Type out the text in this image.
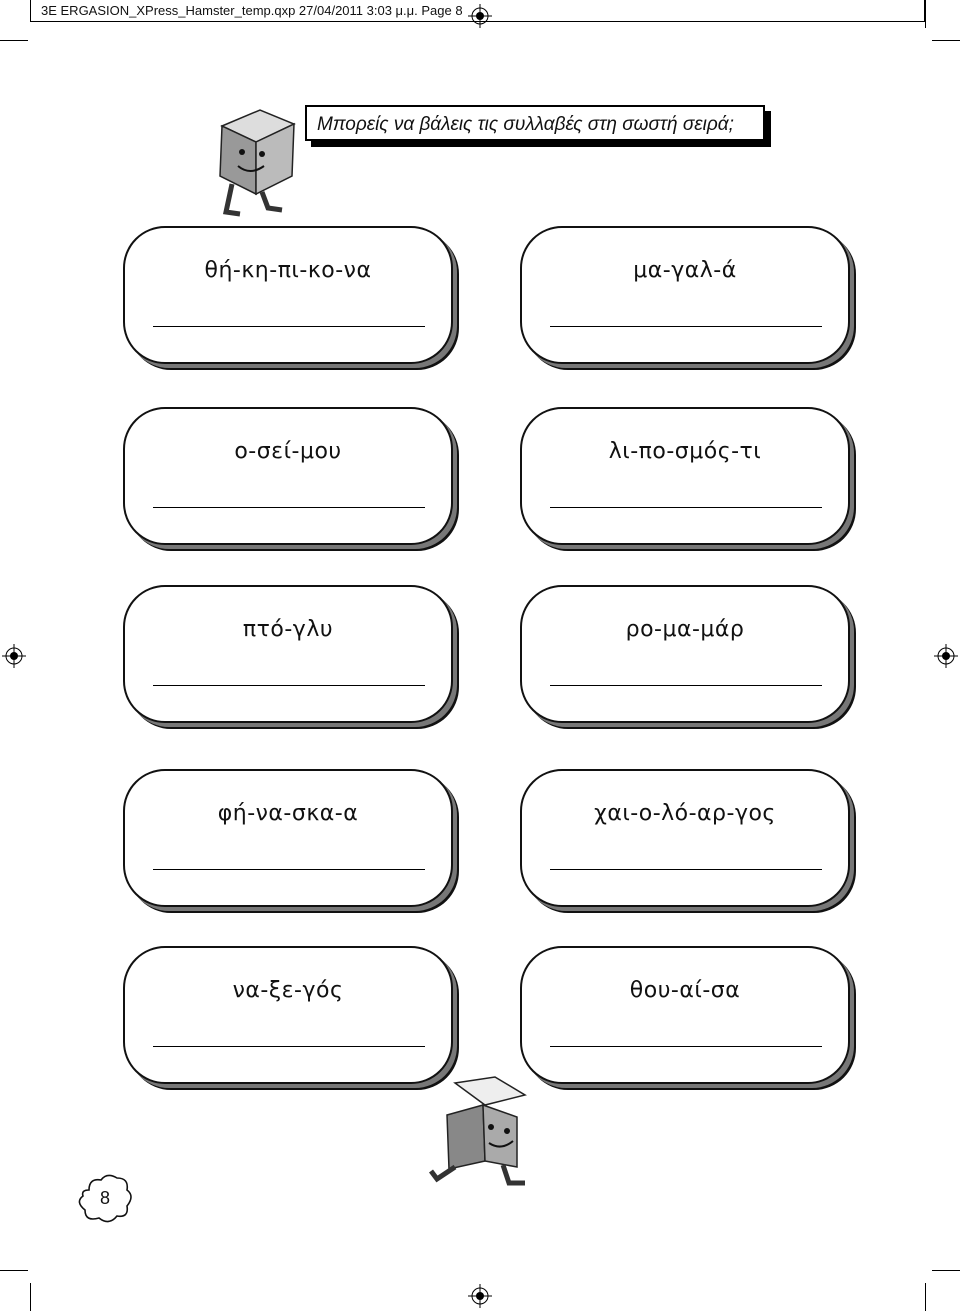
3E ERGASION_XPress_Hamster_temp.qxp 27/04/2011 3:03 μ.μ. Page 8
Μπορείς να βάλεις τις συλλαβές στη σωστή σειρά;
θή-κη-πι-κο-να	μα-γαλ-ά
ο-σεί-μου	λι-πο-σμός-τι
πτό-γλυ	ρο-μα-μάρ
φή-να-σκα-α	χαι-ο-λό-αρ-γος
να-ξε-γός	θου-αί-σα
8
